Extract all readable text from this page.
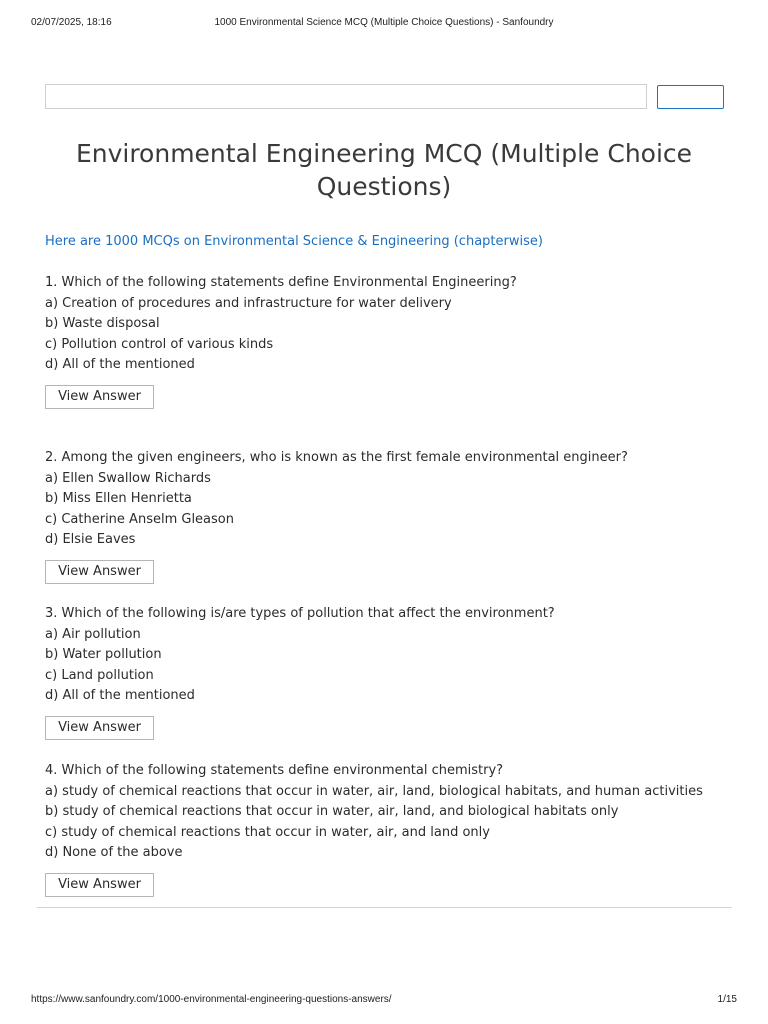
02/07/2025, 18:16	1000 Environmental Science MCQ (Multiple Choice Questions) - Sanfoundry
Environmental Engineering MCQ (Multiple Choice Questions)
Here are 1000 MCQs on Environmental Science & Engineering (chapterwise)
1. Which of the following statements define Environmental Engineering?
a) Creation of procedures and infrastructure for water delivery
b) Waste disposal
c) Pollution control of various kinds
d) All of the mentioned
View Answer
2. Among the given engineers, who is known as the first female environmental engineer?
a) Ellen Swallow Richards
b) Miss Ellen Henrietta
c) Catherine Anselm Gleason
d) Elsie Eaves
View Answer
3. Which of the following is/are types of pollution that affect the environment?
a) Air pollution
b) Water pollution
c) Land pollution
d) All of the mentioned
View Answer
4. Which of the following statements define environmental chemistry?
a) study of chemical reactions that occur in water, air, land, biological habitats, and human activities
b) study of chemical reactions that occur in water, air, land, and biological habitats only
c) study of chemical reactions that occur in water, air, and land only
d) None of the above
View Answer
https://www.sanfoundry.com/1000-environmental-engineering-questions-answers/	1/15
